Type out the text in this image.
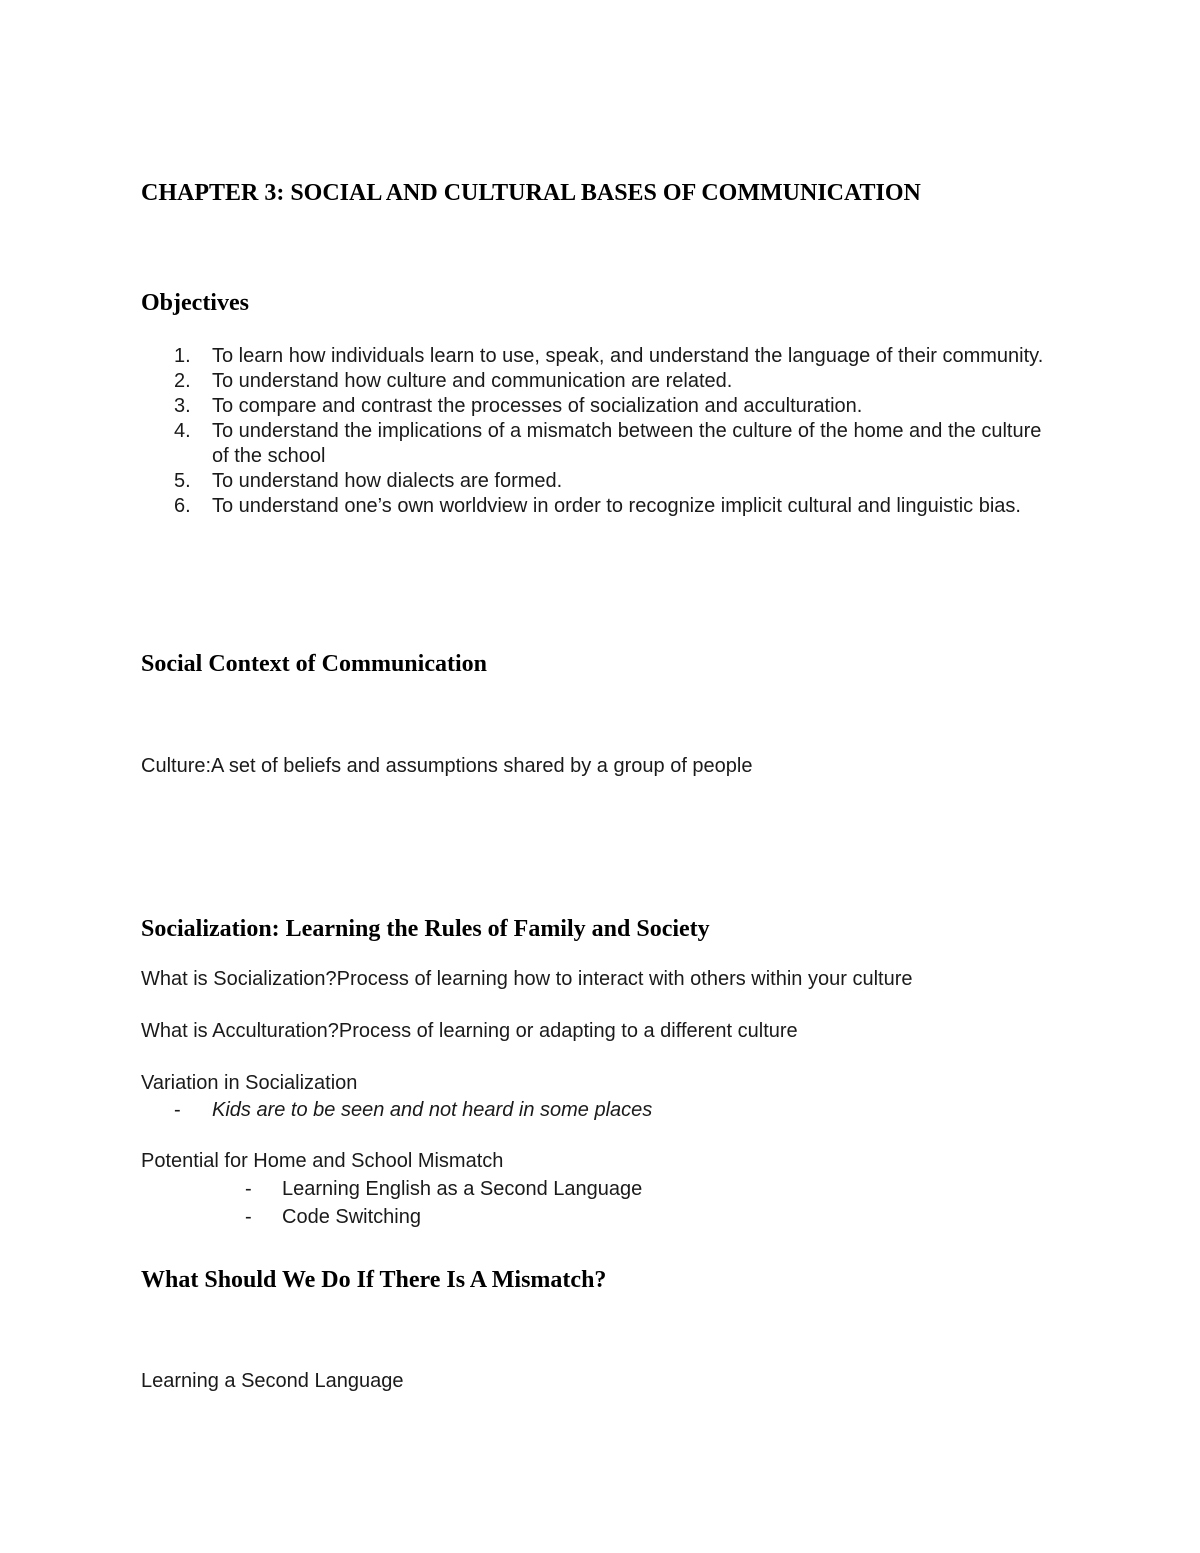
CHAPTER 3: SOCIAL AND CULTURAL BASES OF COMMUNICATION
Objectives
1. To learn how individuals learn to use, speak, and understand the language of their community.
2. To understand how culture and communication are related.
3. To compare and contrast the processes of socialization and acculturation.
4. To understand the implications of a mismatch between the culture of the home and the culture of the school
5. To understand how dialects are formed.
6. To understand one’s own worldview in order to recognize implicit cultural and linguistic bias.
Social Context of Communication
Culture:A set of beliefs and assumptions shared by a group of people
Socialization: Learning the Rules of Family and Society
What is Socialization?Process of learning how to interact with others within your culture
What is Acculturation?Process of learning or adapting to a different culture
Variation in Socialization
- Kids are to be seen and not heard in some places
Potential for Home and School Mismatch
- Learning English as a Second Language
- Code Switching
What Should We Do If There Is A Mismatch?
Learning a Second Language
